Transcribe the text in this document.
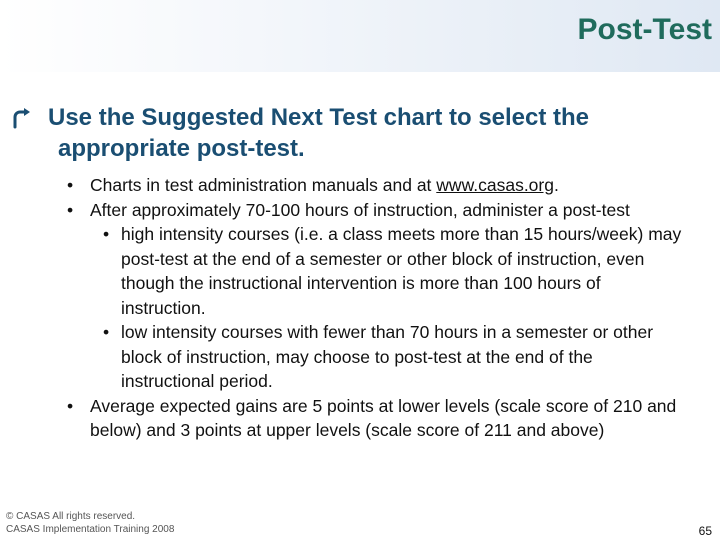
Post-Test
Use the Suggested Next Test chart to select the appropriate post-test.
• Charts in test administration manuals and at www.casas.org.
• After approximately 70-100 hours of instruction, administer a post-test
• high intensity courses (i.e. a class meets more than 15 hours/week) may post-test at the end of a semester or other block of instruction, even though the instructional intervention is more than 100 hours of instruction.
• low intensity courses with fewer than 70 hours in a semester or other block of instruction, may choose to post-test at the end of the instructional period.
• Average expected gains are 5 points at lower levels (scale score of 210 and below) and 3 points at upper levels (scale score of 211 and above)
© CASAS All rights reserved.
CASAS Implementation Training 2008	65
